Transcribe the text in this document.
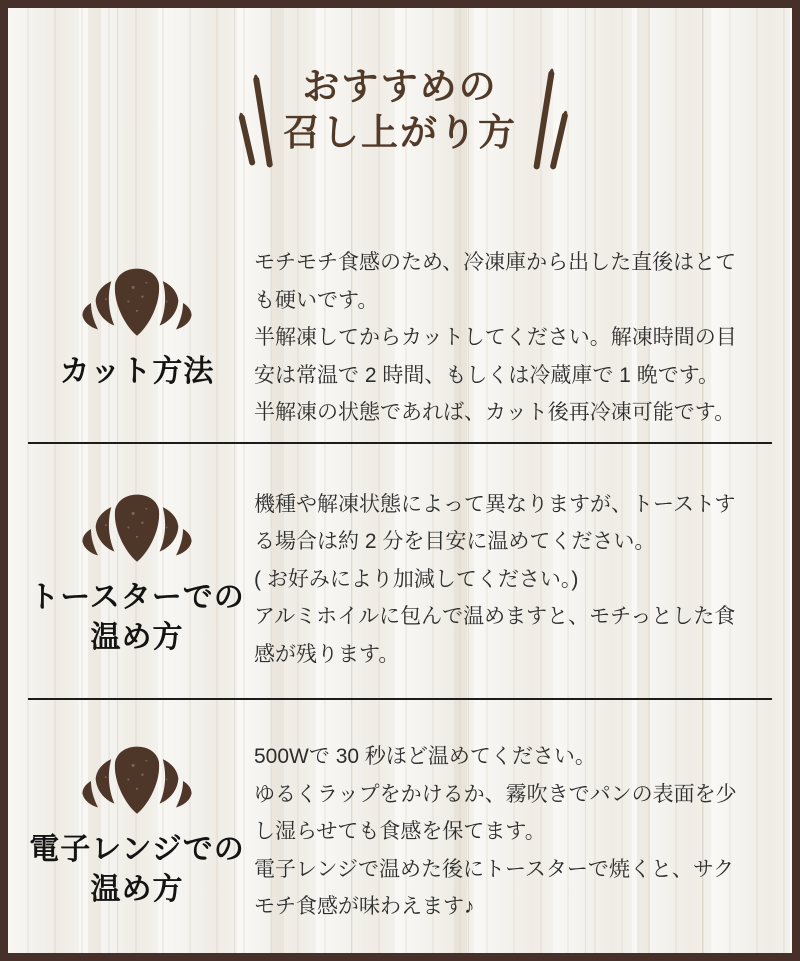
おすすめの
召し上がり方
カット方法
モチモチ食感のため、冷凍庫から出した直後はとて
も硬いです。
半解凍してからカットしてください。解凍時間の目
安は常温で 2 時間、もしくは冷蔵庫で 1 晩です。
半解凍の状態であれば、カット後再冷凍可能です。
トースターでの
温め方
機種や解凍状態によって異なりますが、トーストす
る場合は約 2 分を目安に温めてください。
( お好みにより加減してください。)
アルミホイルに包んで温めますと、モチっとした食
感が残ります。
電子レンジでの
温め方
500Wで 30 秒ほど温めてください。
ゆるくラップをかけるか、霧吹きでパンの表面を少
し湿らせても食感を保てます。
電子レンジで温めた後にトースターで焼くと、サク
モチ食感が味わえます♪
